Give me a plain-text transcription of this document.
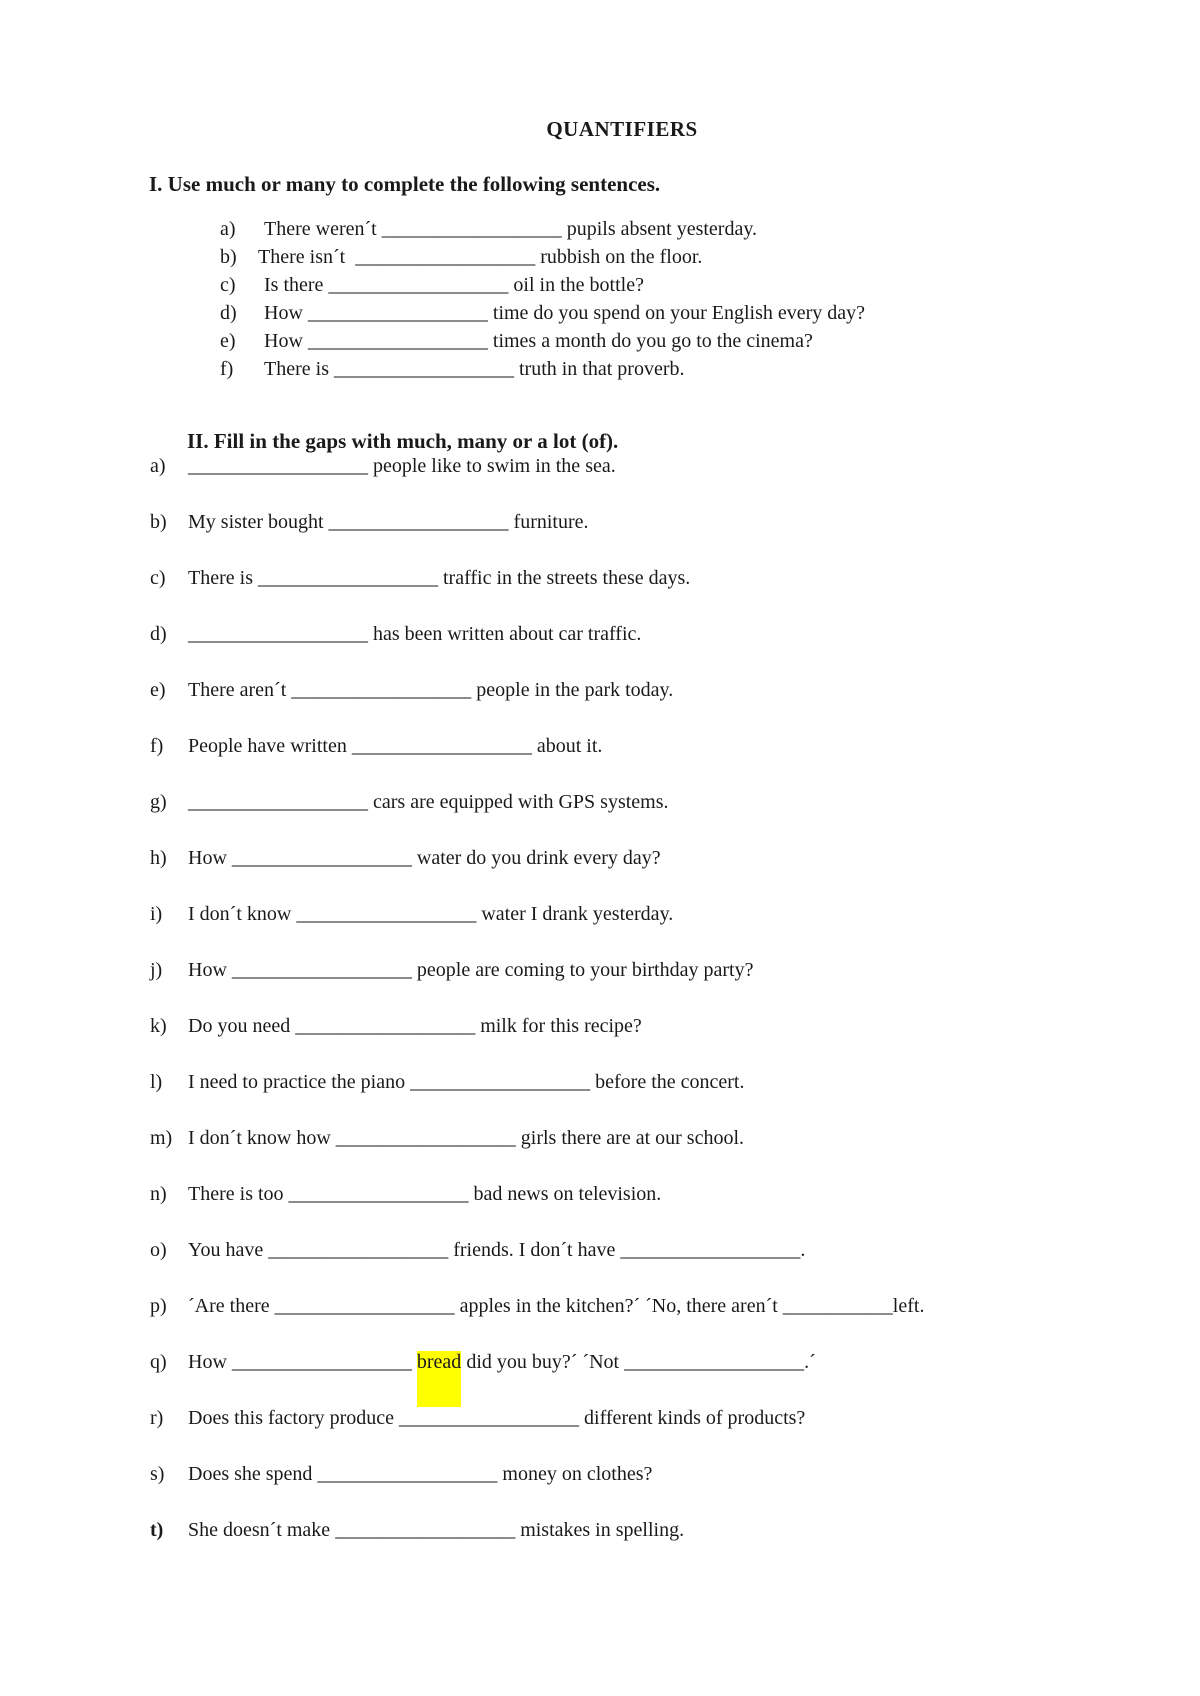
QUANTIFIERS
I. Use much or many to complete the following sentences.
a)	There weren´t __________________ pupils absent yesterday.
b)	There isn´t  __________________ rubbish on the floor.
c)	Is there __________________ oil in the bottle?
d)	How __________________ time do you spend on your English every day?
e)	How __________________ times a month do you go to the cinema?
f)	There is __________________ truth in that proverb.
II. Fill in the gaps with much, many or a lot (of).
a)	__________________ people like to swim in the sea.
b)	My sister bought __________________ furniture.
c)	There is __________________ traffic in the streets these days.
d)	__________________ has been written about car traffic.
e)	There aren´t __________________ people in the park today.
f)	People have written __________________ about it.
g)	__________________ cars are equipped with GPS systems.
h)	How __________________ water do you drink every day?
i)	I don´t know __________________ water I drank yesterday.
j)	How __________________ people are coming to your birthday party?
k)	Do you need __________________ milk for this recipe?
l)	I need to practice the piano __________________ before the concert.
m) I don´t know how __________________ girls there are at our school.
n)	There is too __________________ bad news on television.
o)	You have __________________ friends. I don´t have __________________.
p)	´Are there __________________ apples in the kitchen?´ ´No, there aren´t ___________left.
q)	How __________________ bread did you buy?´ ´Not __________________.´
r)	Does this factory produce __________________ different kinds of products?
s)	Does she spend __________________ money on clothes?
t)	She doesn´t make __________________ mistakes in spelling.
